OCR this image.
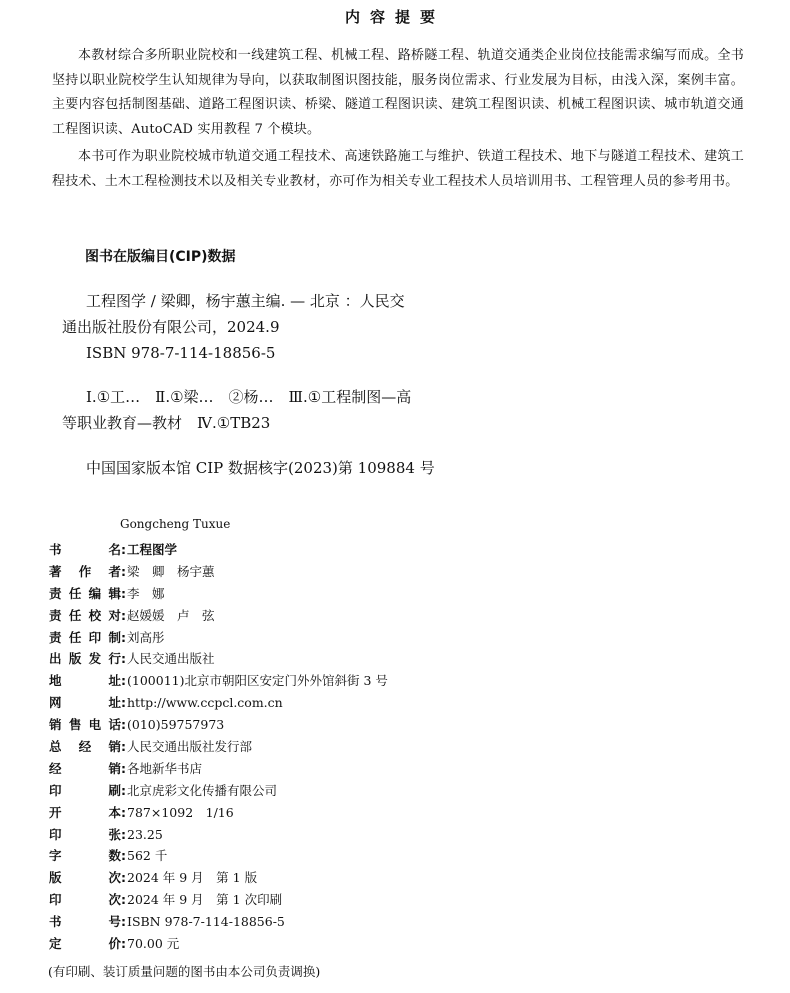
内容提要

本教材综合多所职业院校和一线建筑工程、机械工程、路桥隧工程、轨道交通类企业岗位技能需求编写而成。全书坚持以职业院校学生认知规律为导向，以获取制图识图技能，服务岗位需求、行业发展为目标，由浅入深，案例丰富。主要内容包括制图基础、道路工程图识读、桥梁、隧道工程图识读、建筑工程图识读、机械工程图识读、城市轨道交通工程图识读、AutoCAD 实用教程 7 个模块。

本书可作为职业院校城市轨道交通工程技术、高速铁路施工与维护、铁道工程技术、地下与隧道工程技术、建筑工程技术、土木工程检测技术以及相关专业教材，亦可作为相关专业工程技术人员培训用书、工程管理人员的参考用书。

图书在版编目(CIP)数据
工程图学 / 梁卿，杨宇蕙主编. — 北京 ：人民交
通出版社股份有限公司，2024.9
ISBN 978-7-114-18856-5
Ⅰ.①工…　Ⅱ.①梁…　②杨…　Ⅲ.①工程制图—高
等职业教育—教材　Ⅳ.①TB23
中国国家版本馆 CIP 数据核字(2023)第 109884 号
Gongcheng Tuxue
书名:工程图学
著作者:梁　卿　杨宇蕙
责任编辑:李　娜
责任校对:赵媛媛　卢　弦
责任印制:刘高彤
出版发行:人民交通出版社
地址:(100011)北京市朝阳区安定门外外馆斜街 3 号
网址:http://www.ccpcl.com.cn
销售电话:(010)59757973
总经销:人民交通出版社发行部
经销:各地新华书店
印刷:北京虎彩文化传播有限公司
开本:787×1092　1/16
印张:23.25
字数:562 千
版次:2024 年 9 月　第 1 版
印次:2024 年 9 月　第 1 次印刷
书号:ISBN 978-7-114-18856-5
定价:70.00 元
(有印刷、装订质量问题的图书由本公司负责调换)
